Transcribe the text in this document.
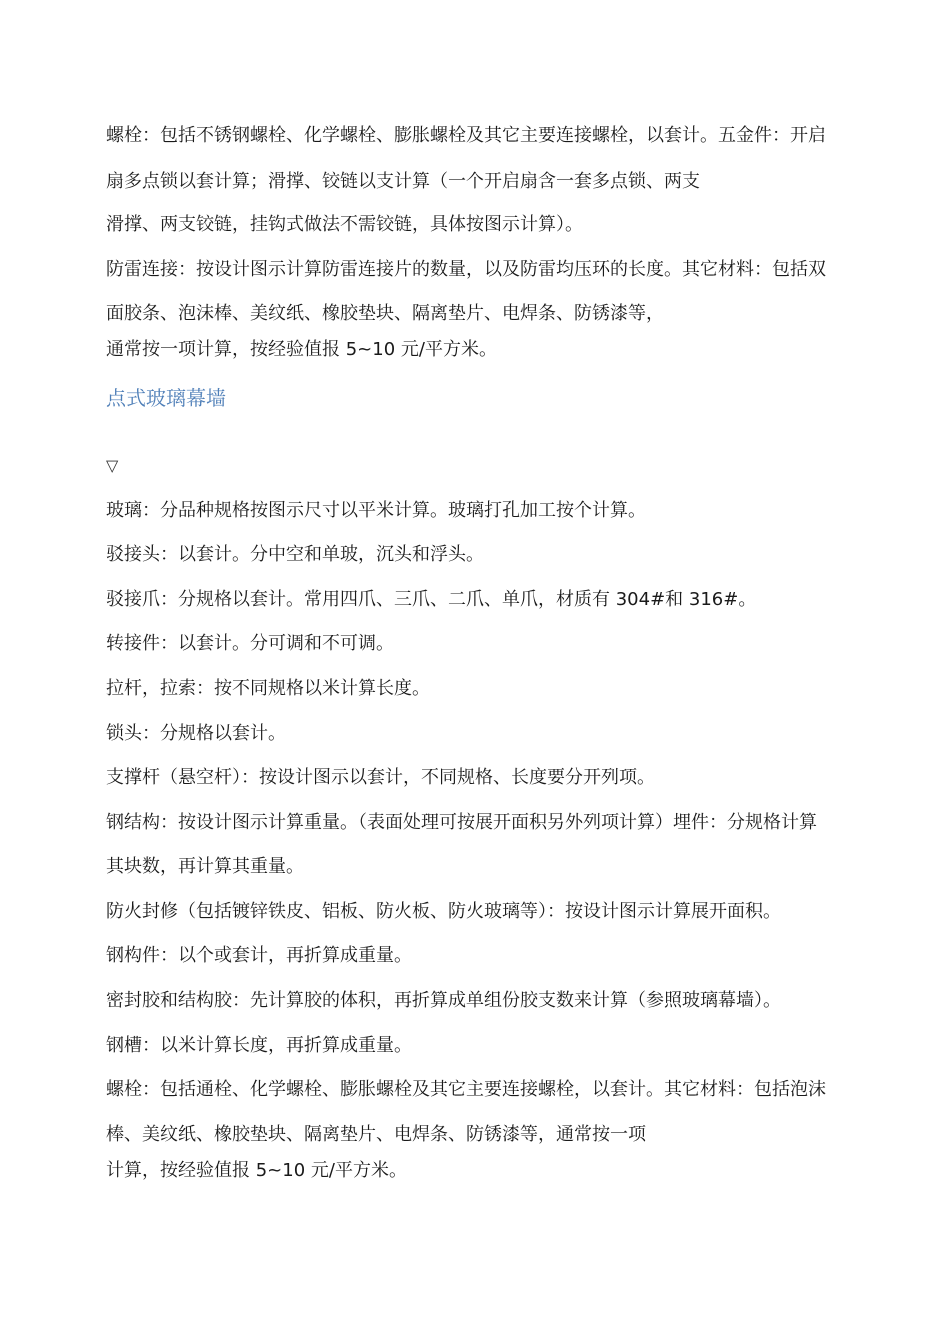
螺栓：包括不锈钢螺栓、化学螺栓、膨胀螺栓及其它主要连接螺栓，以套计。五金件：开启
扇多点锁以套计算；滑撑、铰链以支计算（一个开启扇含一套多点锁、两支
滑撑、两支铰链，挂钩式做法不需铰链，具体按图示计算）。
防雷连接：按设计图示计算防雷连接片的数量，以及防雷均压环的长度。其它材料：包括双
面胶条、泡沫棒、美纹纸、橡胶垫块、隔离垫片、电焊条、防锈漆等，
通常按一项计算，按经验值报 5~10 元/平方米。
点式玻璃幕墙
▽
玻璃：分品种规格按图示尺寸以平米计算。玻璃打孔加工按个计算。
驳接头：以套计。分中空和单玻，沉头和浮头。
驳接爪：分规格以套计。常用四爪、三爪、二爪、单爪，材质有 304#和 316#。
转接件：以套计。分可调和不可调。
拉杆，拉索：按不同规格以米计算长度。
锁头：分规格以套计。
支撑杆（悬空杆）：按设计图示以套计，不同规格、长度要分开列项。
钢结构：按设计图示计算重量。（表面处理可按展开面积另外列项计算）埋件：分规格计算
其块数，再计算其重量。
防火封修（包括镀锌铁皮、铝板、防火板、防火玻璃等）：按设计图示计算展开面积。
钢构件：以个或套计，再折算成重量。
密封胶和结构胶：先计算胶的体积，再折算成单组份胶支数来计算（参照玻璃幕墙）。
钢槽：以米计算长度，再折算成重量。
螺栓：包括通栓、化学螺栓、膨胀螺栓及其它主要连接螺栓，以套计。其它材料：包括泡沫
棒、美纹纸、橡胶垫块、隔离垫片、电焊条、防锈漆等，通常按一项
计算，按经验值报 5~10 元/平方米。
